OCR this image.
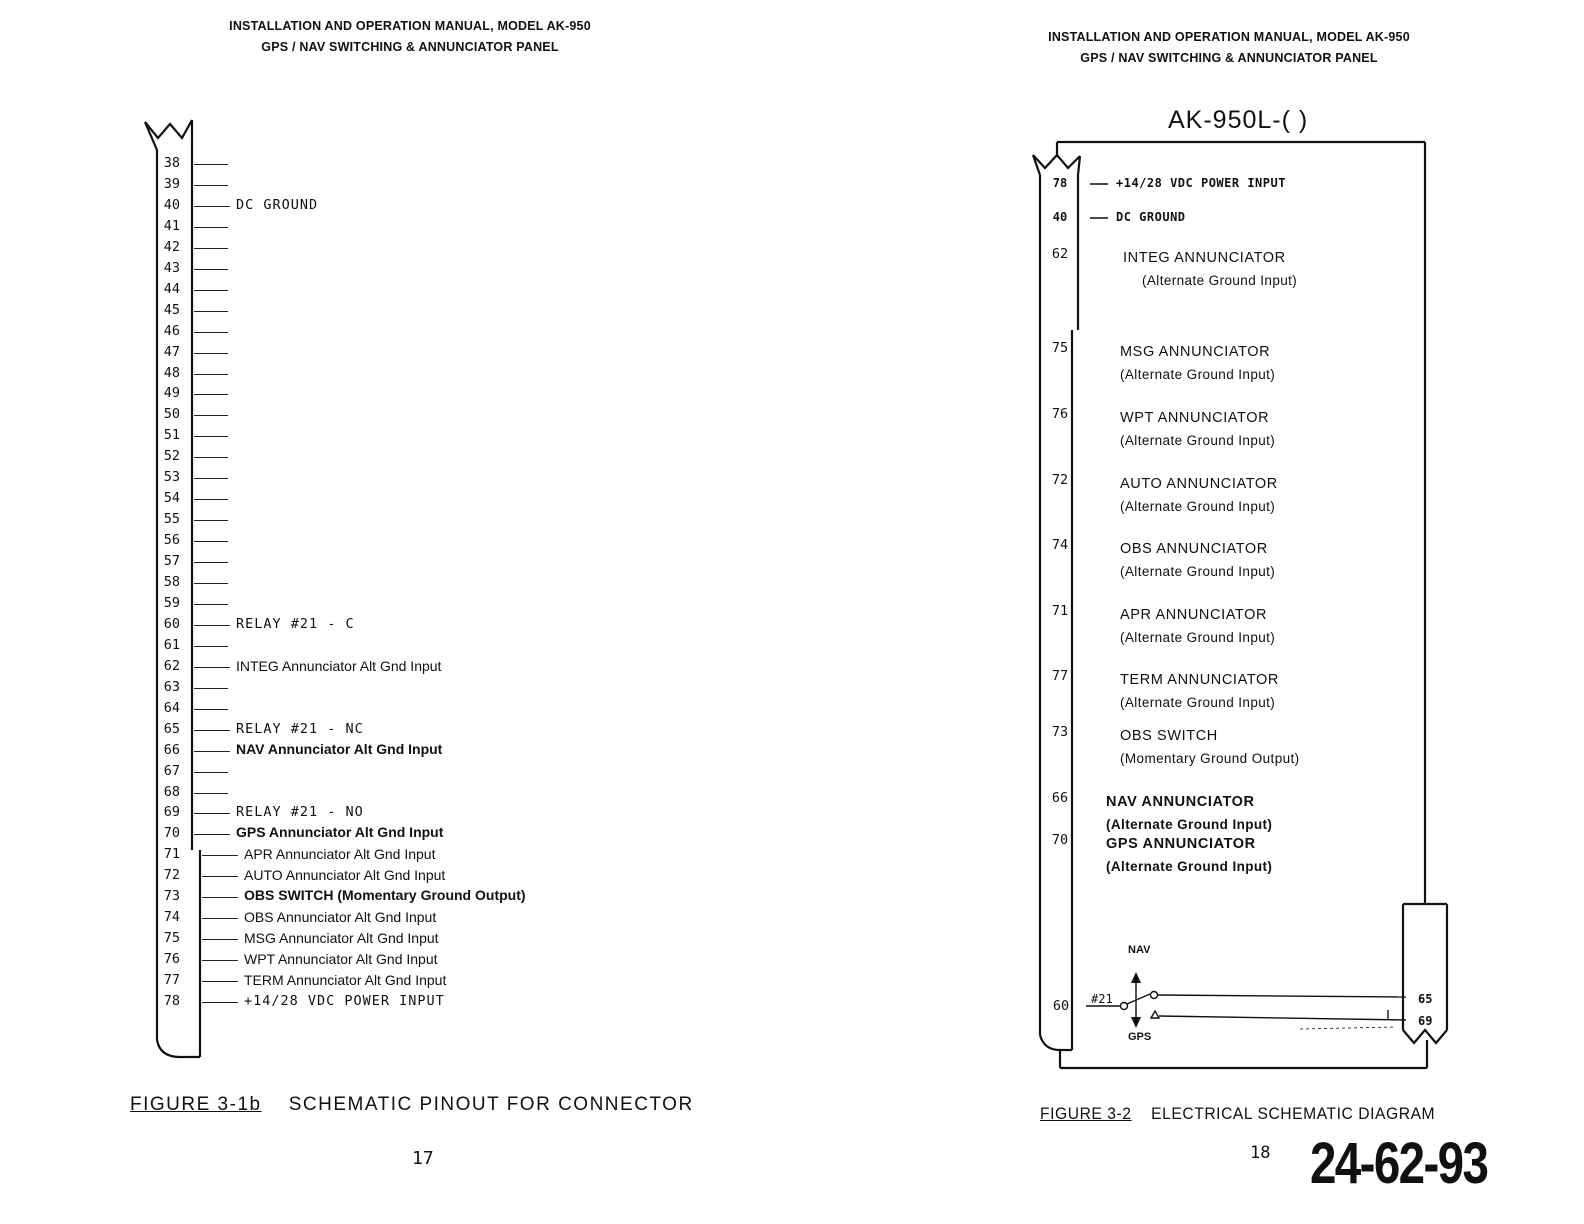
INSTALLATION AND OPERATION MANUAL, MODEL AK-950
GPS / NAV SWITCHING & ANNUNCIATOR PANEL
38
39
40	DC GROUND
41
42
43
44
45
46
47
48
49
50
51
52
53
54
55
56
57
58
59
60	RELAY #21 - C
61
62	INTEG Annunciator Alt Gnd Input
63
64
65	RELAY #21 - NC
66	NAV Annunciator Alt Gnd Input
67
68
69	RELAY #21 - NO
70	GPS Annunciator Alt Gnd Input
71	APR Annunciator Alt Gnd Input
72	AUTO Annunciator Alt Gnd Input
73	OBS SWITCH (Momentary Ground Output)
74	OBS Annunciator Alt Gnd Input
75	MSG Annunciator Alt Gnd Input
76	WPT Annunciator Alt Gnd Input
77	TERM Annunciator Alt Gnd Input
78	+14/28 VDC POWER INPUT
FIGURE 3-1b SCHEMATIC PINOUT FOR CONNECTOR
17
INSTALLATION AND OPERATION MANUAL, MODEL AK-950
GPS / NAV SWITCHING & ANNUNCIATOR PANEL
AK-950L-( )
78	+14/28 VDC POWER INPUT
40	DC GROUND
62	INTEG ANNUNCIATOR
(Alternate Ground Input)
75	MSG ANNUNCIATOR
(Alternate Ground Input)
76	WPT ANNUNCIATOR
(Alternate Ground Input)
72	AUTO ANNUNCIATOR
(Alternate Ground Input)
74	OBS ANNUNCIATOR
(Alternate Ground Input)
71	APR ANNUNCIATOR
(Alternate Ground Input)
77	TERM ANNUNCIATOR
(Alternate Ground Input)
73	OBS SWITCH
(Momentary Ground Output)
66	NAV ANNUNCIATOR
(Alternate Ground Input)
70	GPS ANNUNCIATOR
(Alternate Ground Input)
60	#21
NAV
GPS
65
69
FIGURE 3-2 ELECTRICAL SCHEMATIC DIAGRAM
18 24-62-93
